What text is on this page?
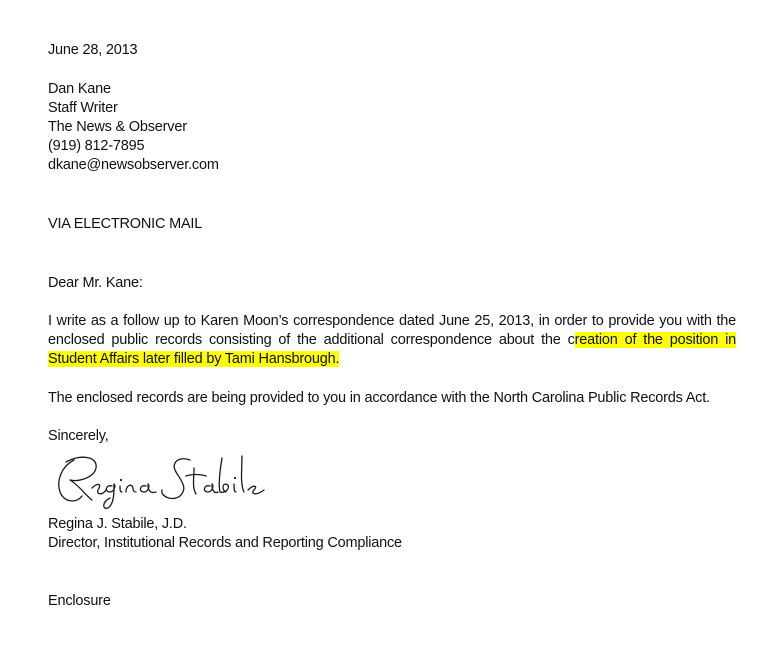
June 28, 2013
Dan Kane
Staff Writer
The News & Observer
(919) 812-7895
dkane@newsobserver.com
VIA ELECTRONIC MAIL
Dear Mr. Kane:
I write as a follow up to Karen Moon’s correspondence dated June 25, 2013, in order to provide you with the enclosed public records consisting of the additional correspondence about the creation of the position in Student Affairs later filled by Tami Hansbrough.
The enclosed records are being provided to you in accordance with the North Carolina Public Records Act.
Sincerely,
Regina J. Stabile, J.D.
Director, Institutional Records and Reporting Compliance
Enclosure
